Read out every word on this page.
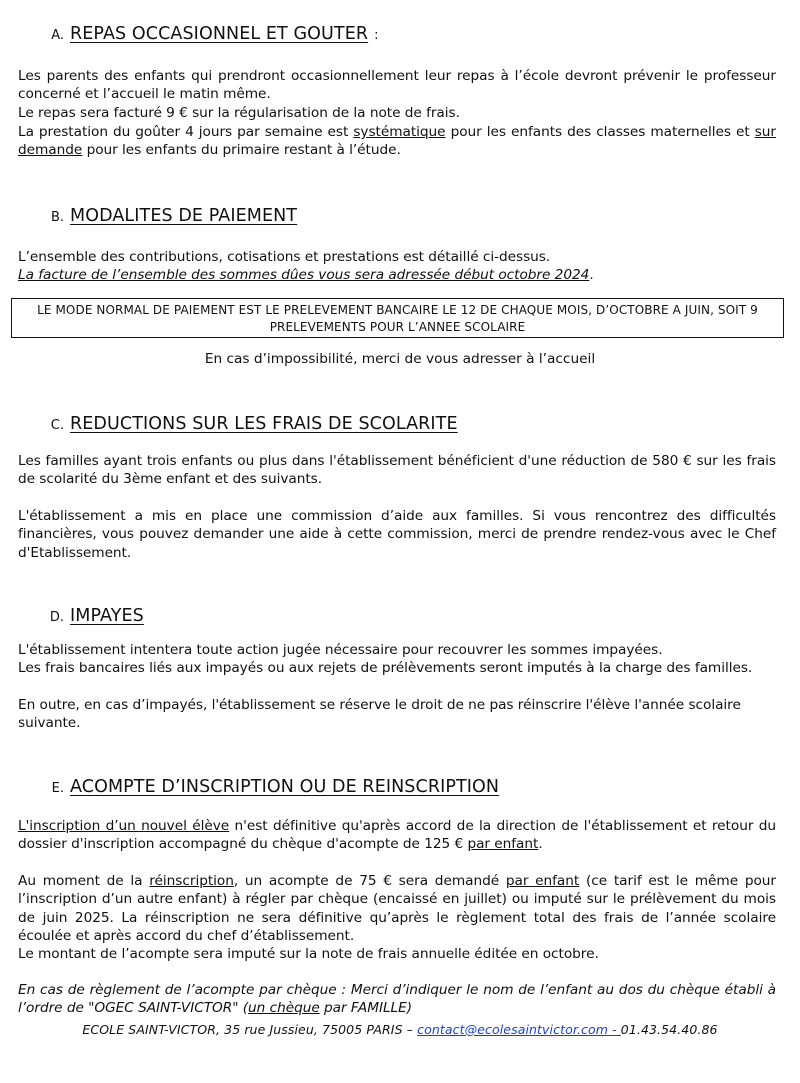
A. REPAS OCCASIONNEL ET GOUTER :
Les parents des enfants qui prendront occasionnellement leur repas à l’école devront prévenir le professeur concerné et l’accueil le matin même.
Le repas sera facturé 9 € sur la régularisation de la note de frais.
La prestation du goûter 4 jours par semaine est systématique pour les enfants des classes maternelles et sur demande pour les enfants du primaire restant à l’étude.
B. MODALITES DE PAIEMENT
L’ensemble des contributions, cotisations et prestations est détaillé ci-dessus.
La facture de l’ensemble des sommes dûes vous sera adressée début octobre 2024.
LE MODE NORMAL DE PAIEMENT EST LE PRELEVEMENT BANCAIRE LE 12 DE CHAQUE MOIS, D’OCTOBRE A JUIN, SOIT 9 PRELEVEMENTS POUR L’ANNEE SCOLAIRE
En cas d’impossibilité, merci de vous adresser à l’accueil
C. REDUCTIONS SUR LES FRAIS DE SCOLARITE
Les familles ayant trois enfants ou plus dans l'établissement bénéficient d'une réduction de 580 € sur les frais de scolarité du 3ème enfant et des suivants.
L'établissement a mis en place une commission d’aide aux familles. Si vous rencontrez des difficultés financières, vous pouvez demander une aide à cette commission, merci de prendre rendez-vous avec le Chef d'Etablissement.
D. IMPAYES
L'établissement intentera toute action jugée nécessaire pour recouvrer les sommes impayées.
Les frais bancaires liés aux impayés ou aux rejets de prélèvements seront imputés à la charge des familles.
En outre, en cas d’impayés, l'établissement se réserve le droit de ne pas réinscrire l'élève l'année scolaire suivante.
E. ACOMPTE D’INSCRIPTION OU DE REINSCRIPTION
L'inscription d’un nouvel élève n'est définitive qu'après accord de la direction de l'établissement et retour du dossier d'inscription accompagné du chèque d'acompte de 125 € par enfant.
Au moment de la réinscription, un acompte de 75 € sera demandé par enfant (ce tarif est le même pour l’inscription d’un autre enfant) à régler par chèque (encaissé en juillet) ou imputé sur le prélèvement du mois de juin 2025. La réinscription ne sera définitive qu’après le règlement total des frais de l’année scolaire écoulée et après accord du chef d’établissement.
Le montant de l’acompte sera imputé sur la note de frais annuelle éditée en octobre.
En cas de règlement de l’acompte par chèque : Merci d’indiquer le nom de l’enfant au dos du chèque établi à l’ordre de "OGEC SAINT-VICTOR" (un chèque par FAMILLE)
ECOLE SAINT-VICTOR, 35 rue Jussieu, 75005 PARIS – contact@ecolesaintvictor.com - 01.43.54.40.86
